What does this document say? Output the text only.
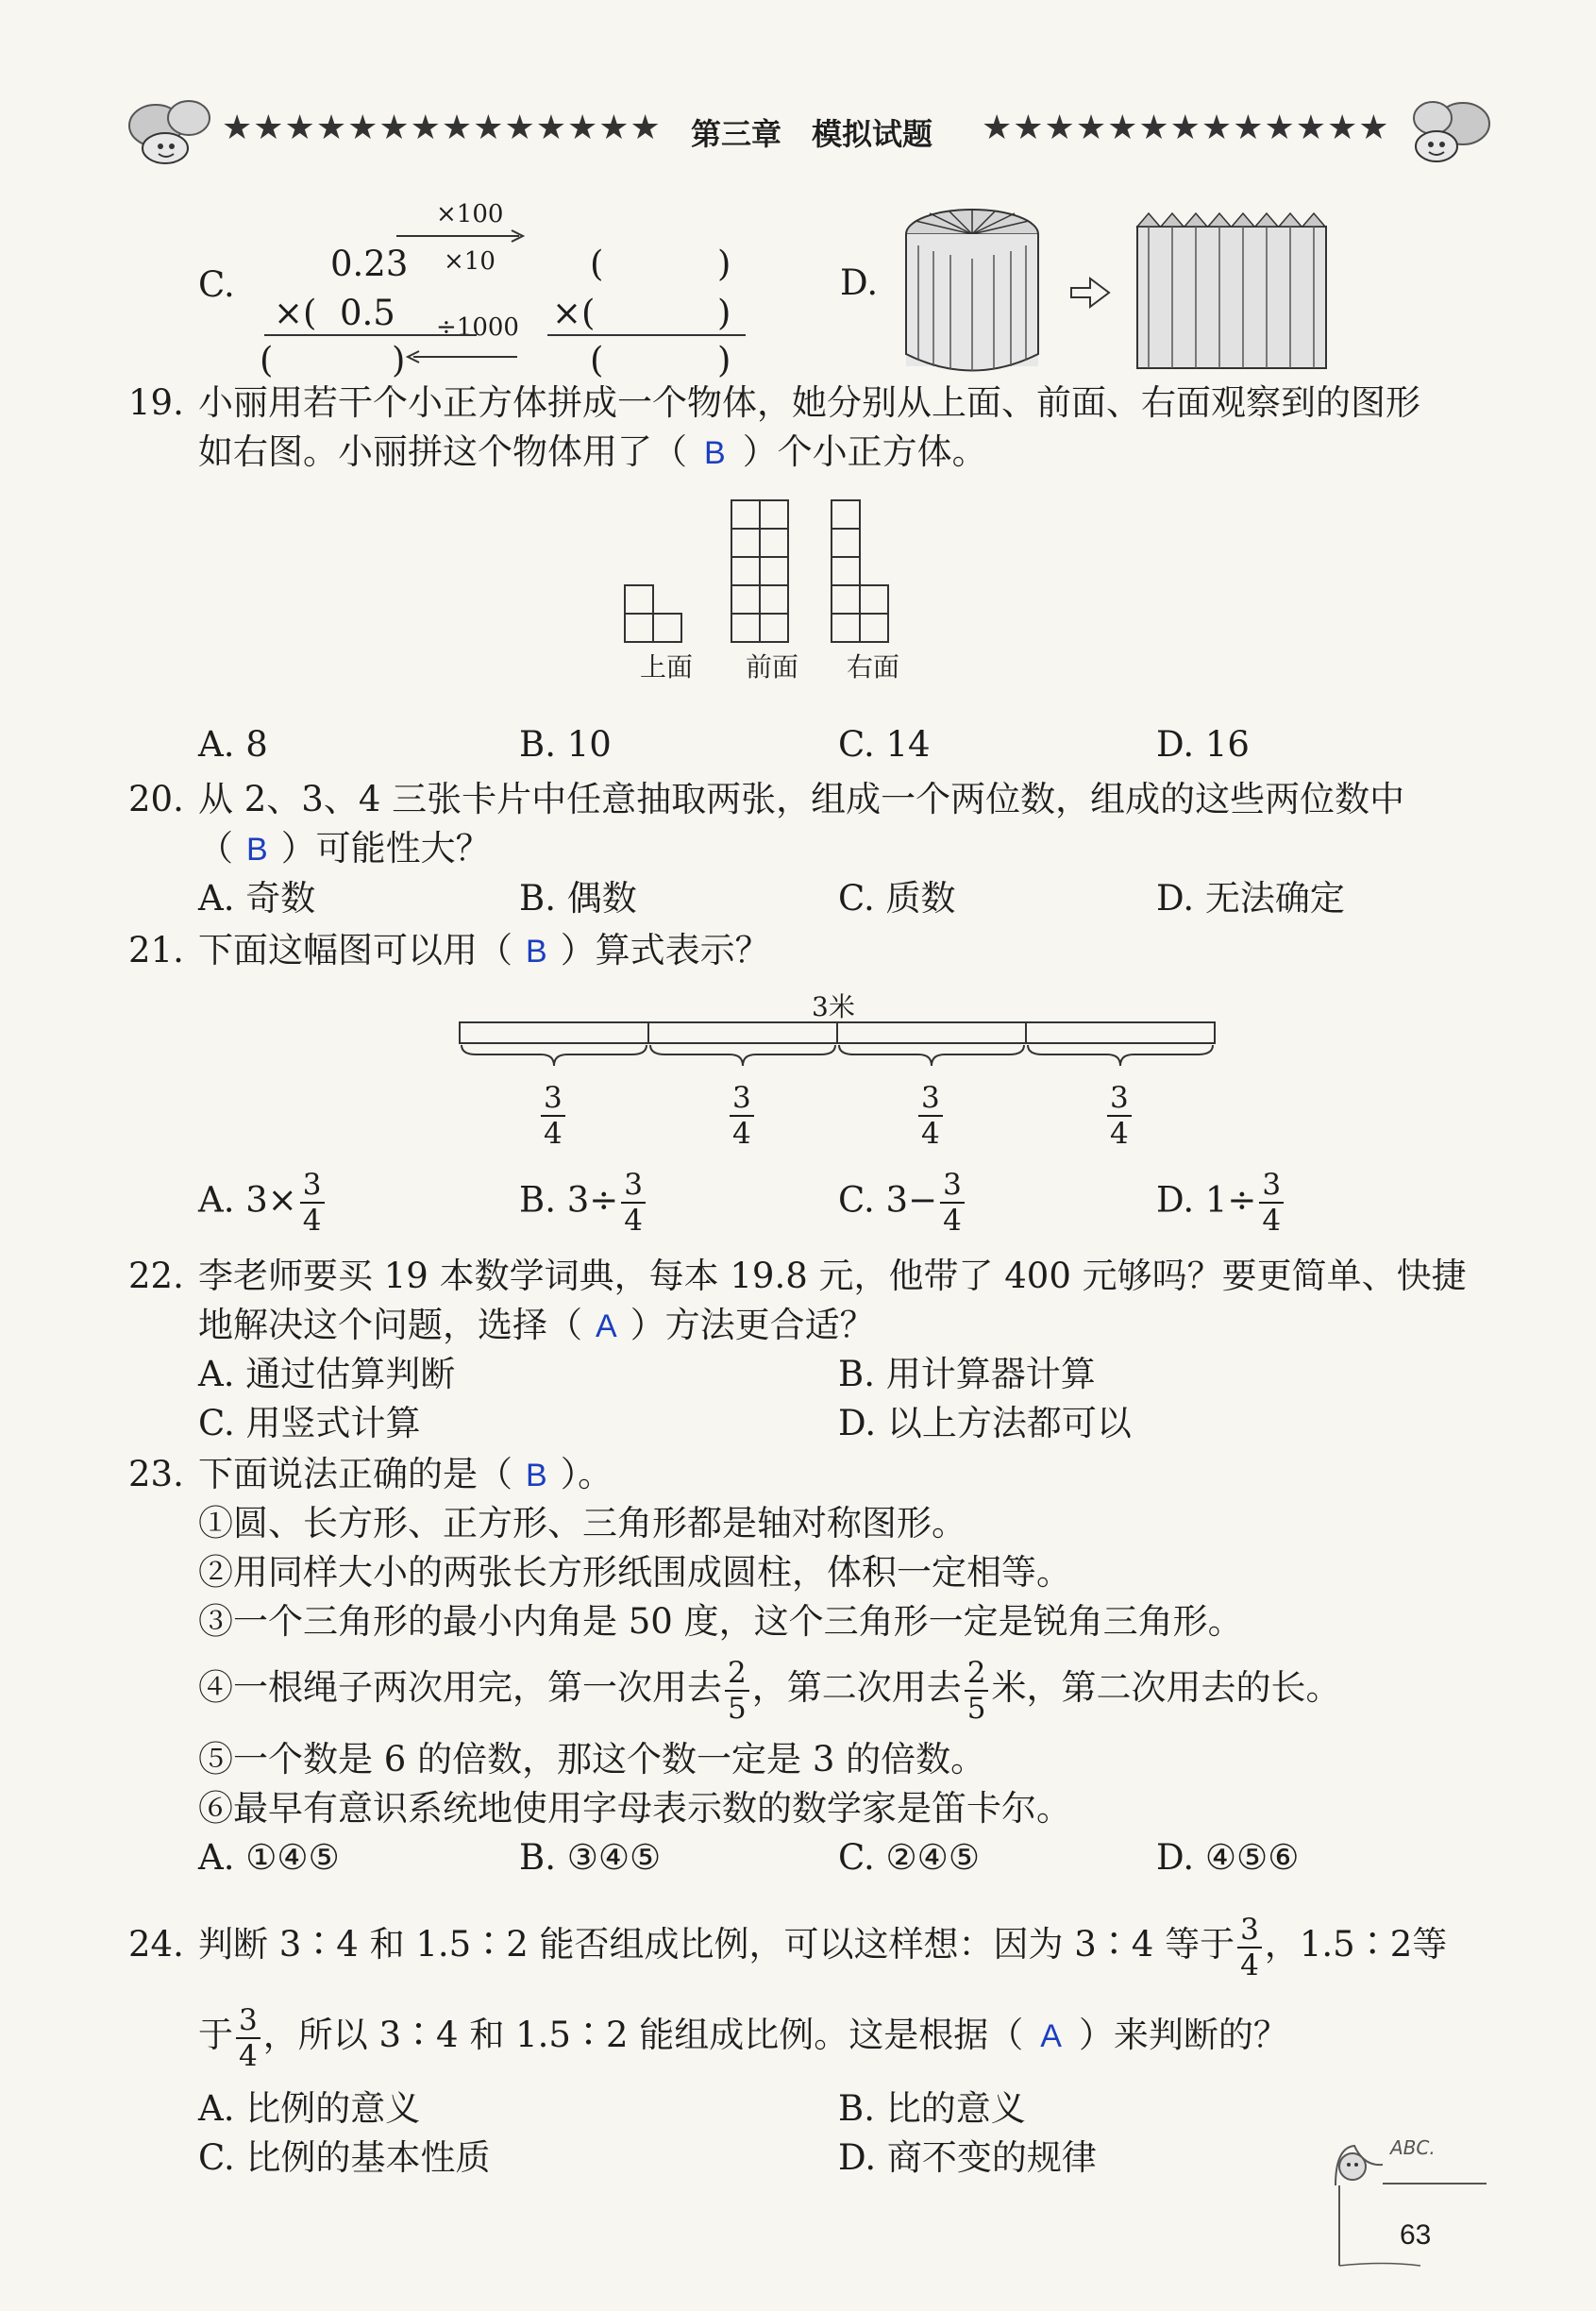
★★★★★★★★★★★★★★ 第三章　模拟试题 ★★★★★★★★★★★★★
C.
×100
0.23 ×10	(	)
×( 0.5 ÷1000 ×(	)
(	)	(	)
D.
19. 小丽用若干个小正方体拼成一个物体，她分别从上面、前面、右面观察到的图形
如右图。小丽拼这个物体用了（ B ）个小正方体。
上面 前面 右面
A. 8	B. 10	C. 14	D. 16
20. 从 2、3、4 三张卡片中任意抽取两张，组成一个两位数，组成的这些两位数中
（ B ）可能性大？
A. 奇数	B. 偶数	C. 质数	D. 无法确定
21. 下面这幅图可以用（ B ）算式表示？
3米
$\frac{3}{4}$	$\frac{3}{4}$	$\frac{3}{4}$	$\frac{3}{4}$
A. $3\times \frac{3}{4}$	B. $3\div \frac{3}{4}$	C. $3- \frac{3}{4}$	D. $1\div \frac{3}{4}$
22. 李老师要买 19 本数学词典，每本 19.8 元，他带了 400 元够吗？要更简单、快捷
地解决这个问题，选择（ A ）方法更合适？
A. 通过估算判断	B. 用计算器计算
C. 用竖式计算	D. 以上方法都可以
23. 下面说法正确的是（ B ）。
①圆、长方形、正方形、三角形都是轴对称图形。
②用同样大小的两张长方形纸围成圆柱，体积一定相等。
③一个三角形的最小内角是 50 度，这个三角形一定是锐角三角形。
④一根绳子两次用完，第一次用去 $\frac{2}{5}$ ，第二次用去 $\frac{2}{5}$ 米，第二次用去的长。
⑤一个数是 6 的倍数，那这个数一定是 3 的倍数。
⑥最早有意识系统地使用字母表示数的数学家是笛卡尔。
A. ①④⑤	B. ③④⑤	C. ②④⑤	D. ④⑤⑥
24. 判断 3∶4 和 1.5∶2 能否组成比例，可以这样想：因为 3∶4 等于 $\frac{3}{4}$ ，1.5∶2等
于 $\frac{3}{4}$ ，所以 3∶4 和 1.5∶2 能组成比例。这是根据（ A ）来判断的？
A. 比例的意义	B. 比的意义
C. 比例的基本性质	D. 商不变的规律	ABC.
63
